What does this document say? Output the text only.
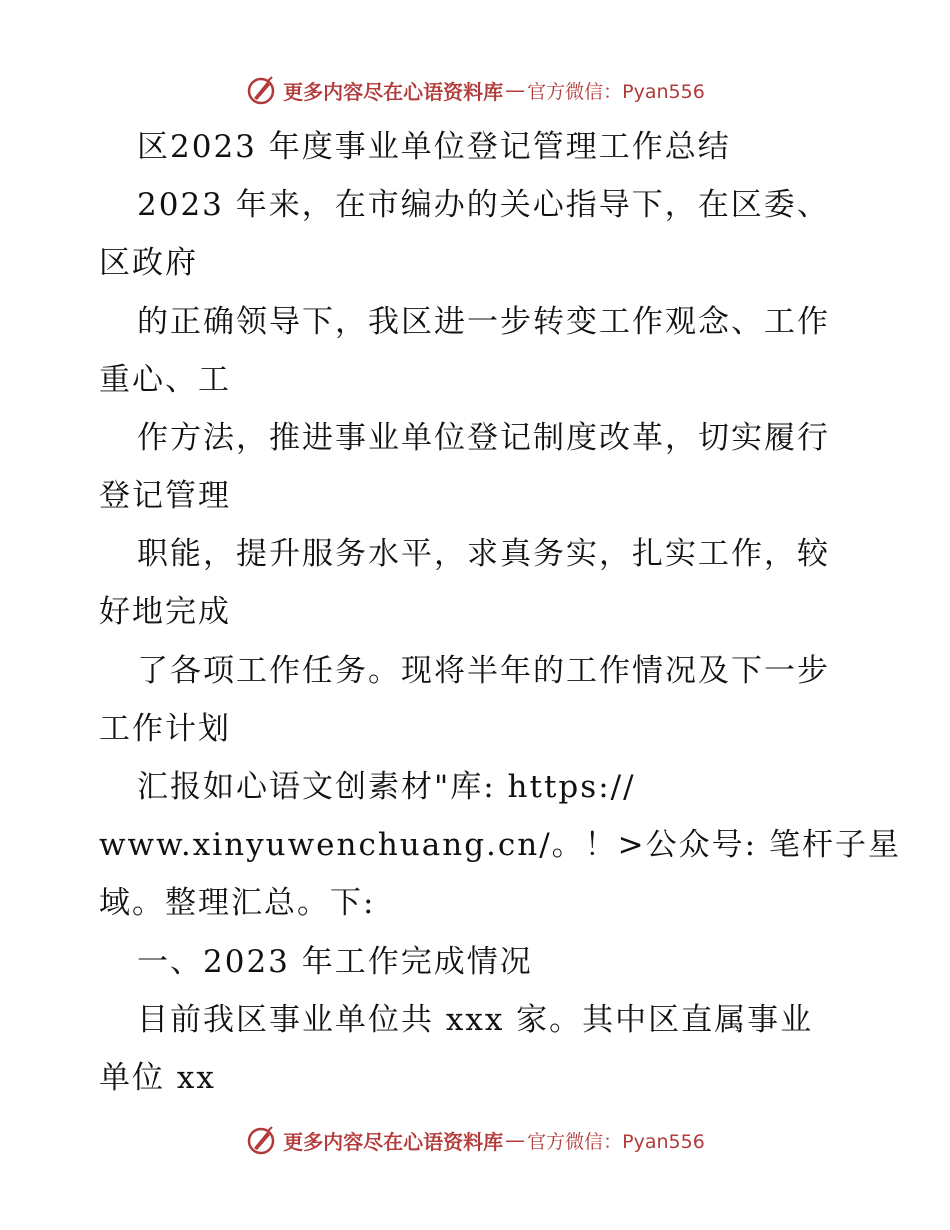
更多内容尽在心语资料库 — 官方微信：Pyan556
区2023 年度事业单位登记管理工作总结
2023 年来，在市编办的关心指导下，在区委、
区政府
的正确领导下，我区进一步转变工作观念、工作
重心、工
作方法，推进事业单位登记制度改革，切实履行
登记管理
职能，提升服务水平，求真务实，扎实工作，较
好地完成
了各项工作任务。现将半年的工作情况及下一步
工作计划
汇报如心语文创素材"库: https://
www.xinyuwenchuang.cn/。！>公众号: 笔杆子星
域。整理汇总。下:
一、2023 年工作完成情况
目前我区事业单位共 xxx 家。其中区直属事业
单位 xx
更多内容尽在心语资料库 — 官方微信：Pyan556
